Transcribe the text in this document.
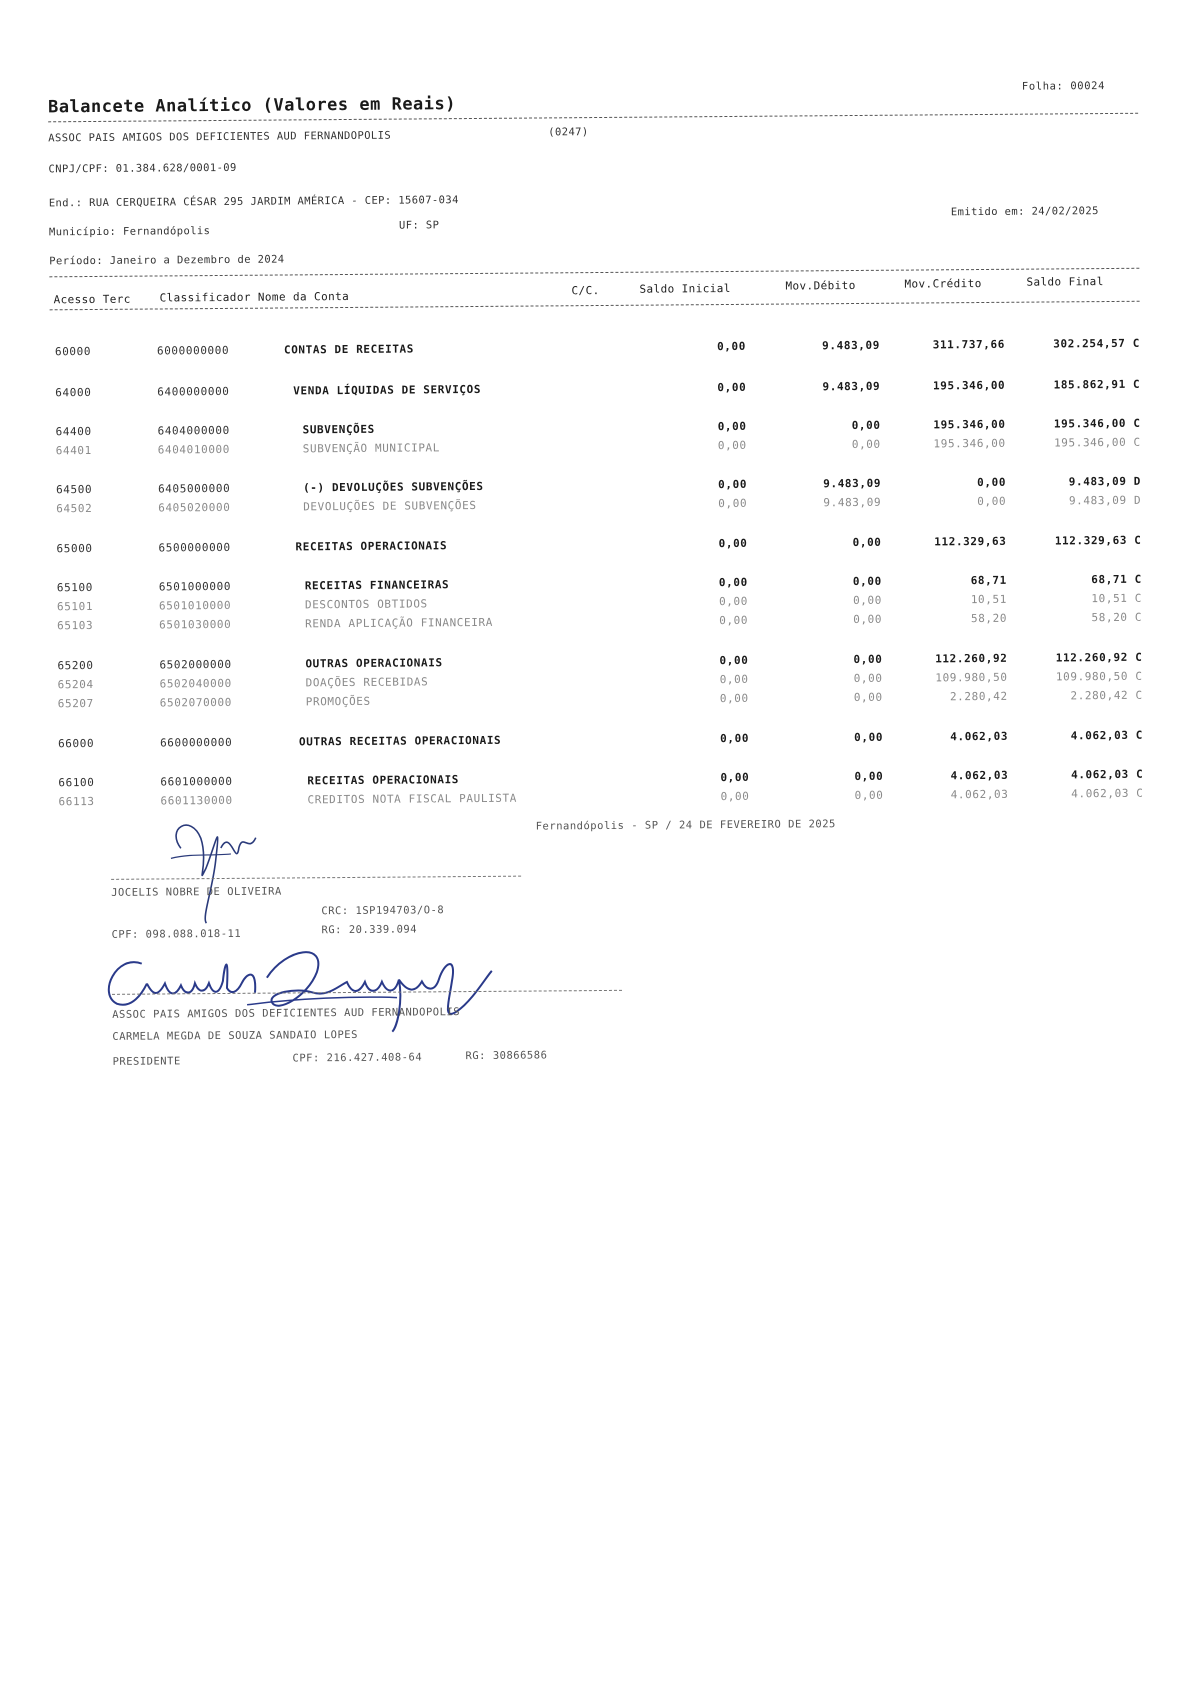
Balancete Analítico (Valores em Reais)
Folha: 00024
ASSOC PAIS AMIGOS DOS DEFICIENTES AUD FERNANDOPOLIS	(0247)
CNPJ/CPF: 01.384.628/0001-09
End.: RUA CERQUEIRA CÉSAR 295 JARDIM AMÉRICA - CEP: 15607-034
Município: Fernandópolis	UF: SP
Emitido em: 24/02/2025
Período: Janeiro a Dezembro de 2024
Acesso Terc	Classificador Nome da Conta	C/C.	Saldo Inicial	Mov.Débito	Mov.Crédito	Saldo Final
60000	6000000000	CONTAS DE RECEITAS	0,00	9.483,09	311.737,66	302.254,57 C
64000	6400000000	VENDA LÍQUIDAS DE SERVIÇOS	0,00	9.483,09	195.346,00	185.862,91 C
64400	6404000000	SUBVENÇÕES	0,00	0,00	195.346,00	195.346,00 C
64401	6404010000	SUBVENÇÃO MUNICIPAL	0,00	0,00	195.346,00	195.346,00 C
64500	6405000000	(-) DEVOLUÇÕES SUBVENÇÕES	0,00	9.483,09	0,00	9.483,09 D
64502	6405020000	DEVOLUÇÕES DE SUBVENÇÕES	0,00	9.483,09	0,00	9.483,09 D
65000	6500000000	RECEITAS OPERACIONAIS	0,00	0,00	112.329,63	112.329,63 C
65100	6501000000	RECEITAS FINANCEIRAS	0,00	0,00	68,71	68,71 C
65101	6501010000	DESCONTOS OBTIDOS	0,00	0,00	10,51	10,51 C
65103	6501030000	RENDA APLICAÇÃO FINANCEIRA	0,00	0,00	58,20	58,20 C
65200	6502000000	OUTRAS OPERACIONAIS	0,00	0,00	112.260,92	112.260,92 C
65204	6502040000	DOAÇÕES RECEBIDAS	0,00	0,00	109.980,50	109.980,50 C
65207	6502070000	PROMOÇÕES	0,00	0,00	2.280,42	2.280,42 C
66000	6600000000	OUTRAS RECEITAS OPERACIONAIS	0,00	0,00	4.062,03	4.062,03 C
66100	6601000000	RECEITAS OPERACIONAIS	0,00	0,00	4.062,03	4.062,03 C
66113	6601130000	CREDITOS NOTA FISCAL PAULISTA	0,00	0,00	4.062,03	4.062,03 C
Fernandópolis - SP / 24 DE FEVEREIRO DE 2025
JOCELIS NOBRE DE OLIVEIRA
CRC: 1SP194703/O-8
CPF: 098.088.018-11	RG: 20.339.094
ASSOC PAIS AMIGOS DOS DEFICIENTES AUD FERNANDOPOLIS
CARMELA MEGDA DE SOUZA SANDAIO LOPES
PRESIDENTE	CPF: 216.427.408-64	RG: 30866586
